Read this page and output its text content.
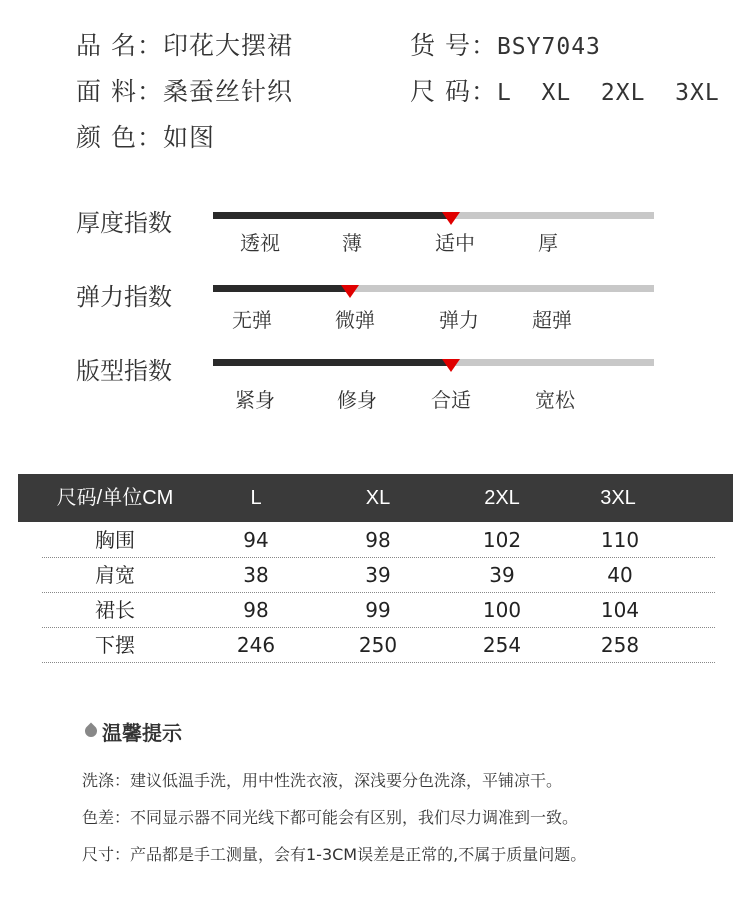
品 名：印花大摆裙	货 号：BSY7043
面 料：桑蚕丝针织	尺 码：L  XL  2XL  3XL
颜 色：如图
厚度指数
透视	薄	适中	厚
弹力指数
无弹	微弹	弹力	超弹
版型指数
紧身	修身	合适	宽松
尺码/单位CM	L	XL	2XL	3XL
胸围	94	98	102	110
肩宽	38	39	39	40
裙长	98	99	100	104
下摆	246	250	254	258
温馨提示
洗涤：建议低温手洗，用中性洗衣液，深浅要分色洗涤，平铺凉干。
色差：不同显示器不同光线下都可能会有区别，我们尽力调准到一致。
尺寸：产品都是手工测量，会有1-3CM误差是正常的,不属于质量问题。
